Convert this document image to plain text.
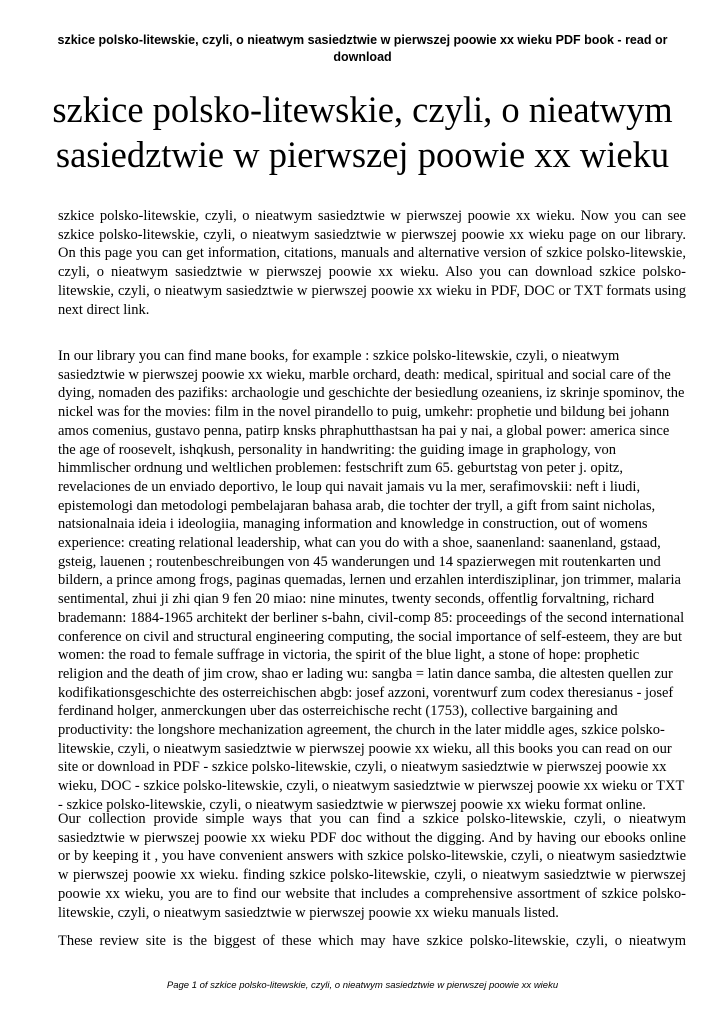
szkice polsko-litewskie, czyli, o nieatwym sasiedztwie w pierwszej poowie xx wieku PDF book - read or download
szkice polsko-litewskie, czyli, o nieatwym sasiedztwie w pierwszej poowie xx wieku

szkice polsko-litewskie, czyli, o nieatwym sasiedztwie w pierwszej poowie xx wieku. Now you can see szkice polsko-litewskie, czyli, o nieatwym sasiedztwie w pierwszej poowie xx wieku page on our library. On this page you can get information, citations, manuals and alternative version of szkice polsko-litewskie, czyli, o nieatwym sasiedztwie w pierwszej poowie xx wieku. Also you can download szkice polsko-litewskie, czyli, o nieatwym sasiedztwie w pierwszej poowie xx wieku in PDF, DOC or TXT formats using next direct link.

In our library you can find mane books, for example : szkice polsko-litewskie, czyli, o nieatwym sasiedztwie w pierwszej poowie xx wieku, marble orchard, death: medical, spiritual and social care of the dying, nomaden des pazifiks: archaologie und geschichte der besiedlung ozeaniens, iz skrinje spominov, the nickel was for the movies: film in the novel pirandello to puig, umkehr: prophetie und bildung bei johann amos comenius, gustavo penna, patirp knsks phraphutthastsan ha pai y nai, a global power: america since the age of roosevelt, ishqkush, personality in handwriting: the guiding image in graphology, von himmlischer ordnung und weltlichen problemen: festschrift zum 65. geburtstag von peter j. opitz, revelaciones de un enviado deportivo, le loup qui navait jamais vu la mer, serafimovskii: neft i liudi, epistemologi dan metodologi pembelajaran bahasa arab, die tochter der tryll, a gift from saint nicholas, natsionalnaia ideia i ideologiia, managing information and knowledge in construction, out of womens experience: creating relational leadership, what can you do with a shoe, saanenland: saanenland, gstaad, gsteig, lauenen ; routenbeschreibungen von 45 wanderungen und 14 spazierwegen mit routenkarten und bildern, a prince among frogs, paginas quemadas, lernen und erzahlen interdisziplinar, jon trimmer, malaria sentimental, zhui ji zhi qian 9 fen 20 miao: nine minutes, twenty seconds, offentlig forvaltning, richard brademann: 1884-1965 architekt der berliner s-bahn, civil-comp 85: proceedings of the second international conference on civil and structural engineering computing, the social importance of self-esteem, they are but women: the road to female suffrage in victoria, the spirit of the blue light, a stone of hope: prophetic religion and the death of jim crow, shao er lading wu: sangba = latin dance samba, die altesten quellen zur kodifikationsgeschichte des osterreichischen abgb: josef azzoni, vorentwurf zum codex theresianus - josef ferdinand holger, anmerckungen uber das osterreichische recht (1753), collective bargaining and productivity: the longshore mechanization agreement, the church in the later middle ages, szkice polsko-litewskie, czyli, o nieatwym sasiedztwie w pierwszej poowie xx wieku, all this books you can read on our site or download in PDF - szkice polsko-litewskie, czyli, o nieatwym sasiedztwie w pierwszej poowie xx wieku, DOC - szkice polsko-litewskie, czyli, o nieatwym sasiedztwie w pierwszej poowie xx wieku or TXT - szkice polsko-litewskie, czyli, o nieatwym sasiedztwie w pierwszej poowie xx wieku format online.

Our collection provide simple ways that you can find a szkice polsko-litewskie, czyli, o nieatwym sasiedztwie w pierwszej poowie xx wieku PDF doc without the digging. And by having our ebooks online or by keeping it , you have convenient answers with szkice polsko-litewskie, czyli, o nieatwym sasiedztwie w pierwszej poowie xx wieku. finding szkice polsko-litewskie, czyli, o nieatwym sasiedztwie w pierwszej poowie xx wieku, you are to find our website that includes a comprehensive assortment of szkice polsko-litewskie, czyli, o nieatwym sasiedztwie w pierwszej poowie xx wieku manuals listed.

These review site is the biggest of these which may have szkice polsko-litewskie, czyli, o nieatwym

Page 1 of szkice polsko-litewskie, czyli, o nieatwym sasiedztwie w pierwszej poowie xx wieku
